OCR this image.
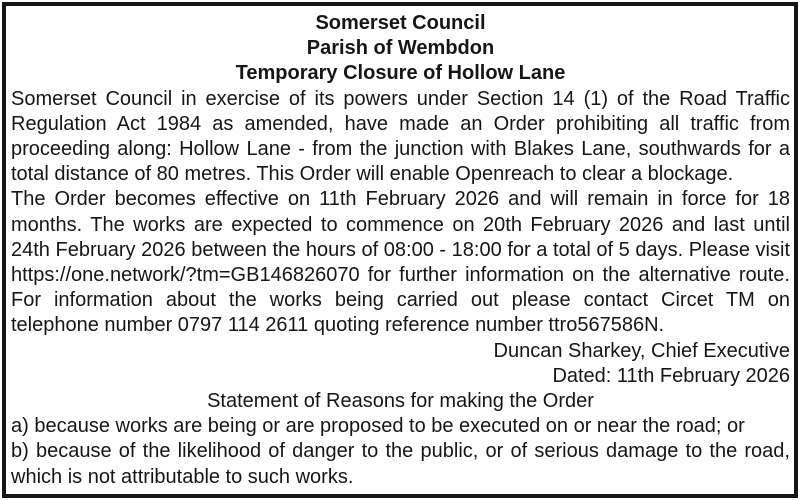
Somerset Council

Parish of Wembdon

Temporary Closure of Hollow Lane

Somerset Council in exercise of its powers under Section 14 (1) of the Road Traffic Regulation Act 1984 as amended, have made an Order prohibiting all traffic from proceeding along: Hollow Lane - from the junction with Blakes Lane, southwards for a total distance of 80 metres. This Order will enable Openreach to clear a blockage.

The Order becomes effective on 11th February 2026 and will remain in force for 18 months. The works are expected to commence on 20th February 2026 and last until 24th February 2026 between the hours of 08:00 - 18:00 for a total of 5 days. Please visit https://one.network/?tm=GB146826070 for further information on the alternative route. For information about the works being carried out please contact Circet TM on telephone number 0797 114 2611 quoting reference number ttro567586N.

Duncan Sharkey, Chief Executive

Dated: 11th February 2026

Statement of Reasons for making the Order

a) because works are being or are proposed to be executed on or near the road; or

b) because of the likelihood of danger to the public, or of serious damage to the road, which is not attributable to such works.
